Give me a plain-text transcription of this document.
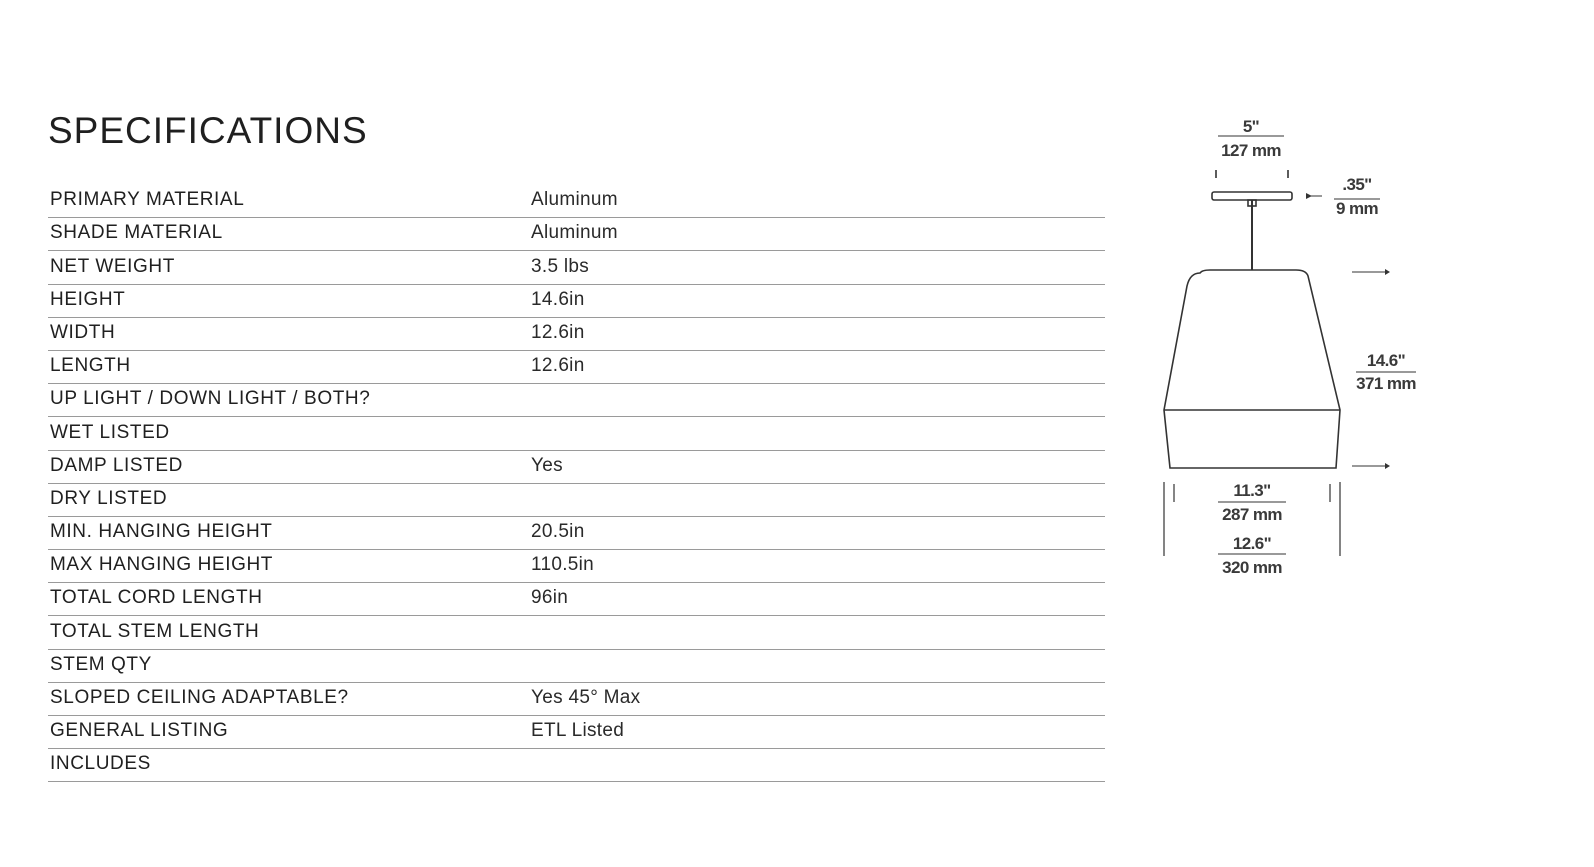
SPECIFICATIONS
PRIMARY MATERIAL	Aluminum
SHADE MATERIAL	Aluminum
NET WEIGHT	3.5 lbs
HEIGHT	14.6in
WIDTH	12.6in
LENGTH	12.6in
UP LIGHT / DOWN LIGHT / BOTH?
WET LISTED
DAMP LISTED	Yes
DRY LISTED
MIN. HANGING HEIGHT	20.5in
MAX HANGING HEIGHT	110.5in
TOTAL CORD LENGTH	96in
TOTAL STEM LENGTH
STEM QTY
SLOPED CEILING ADAPTABLE?	Yes 45° Max
GENERAL LISTING	ETL Listed
INCLUDES
5"
127 mm
.35"
9 mm
14.6"
371 mm
11.3"
287 mm
12.6"
320 mm
